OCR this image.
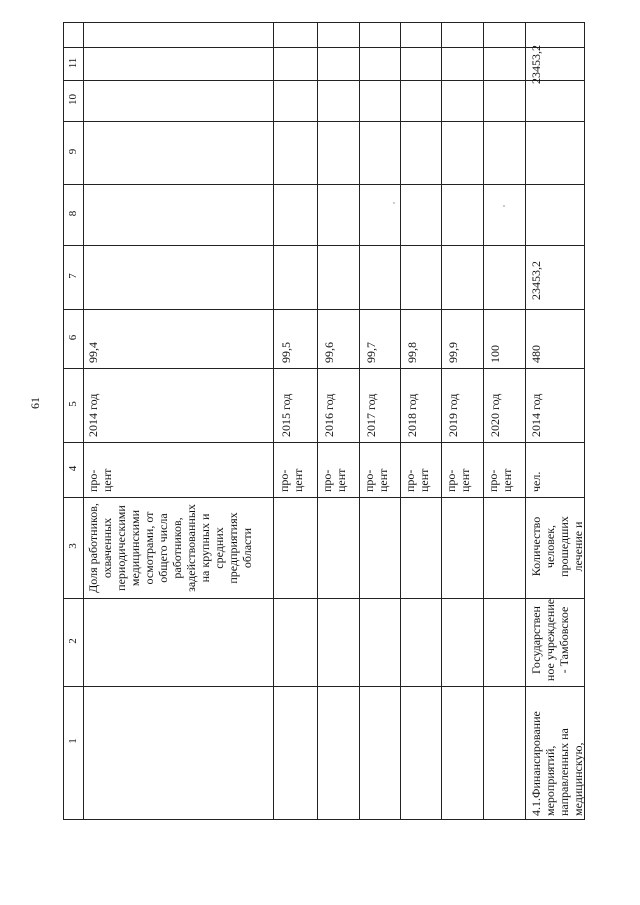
61
1
2
3
4
5
6
7
8
9
10
11
Доля работников, охваченных периодическими медицинскими осмотрами, от общего числа работников, задействованных на крупных и средних предприятиях области
про-
цент
2014 год
99,4
про-
цент
2015 год
99,5
про-
цент
2016 год
99,6
про-
цент
2017 год
99,7
про-
цент
2018 год
99,8
про-
цент
2019 год
99,9
про-
цент
2020 год
100
4.1.Финансирование мероприятий, направленных на медицинскую,
Государствен ное учреждение - Тамбовское
Количество человек, прошедших лечение и
чел.
2014 год
480
23453,2
23453,2
